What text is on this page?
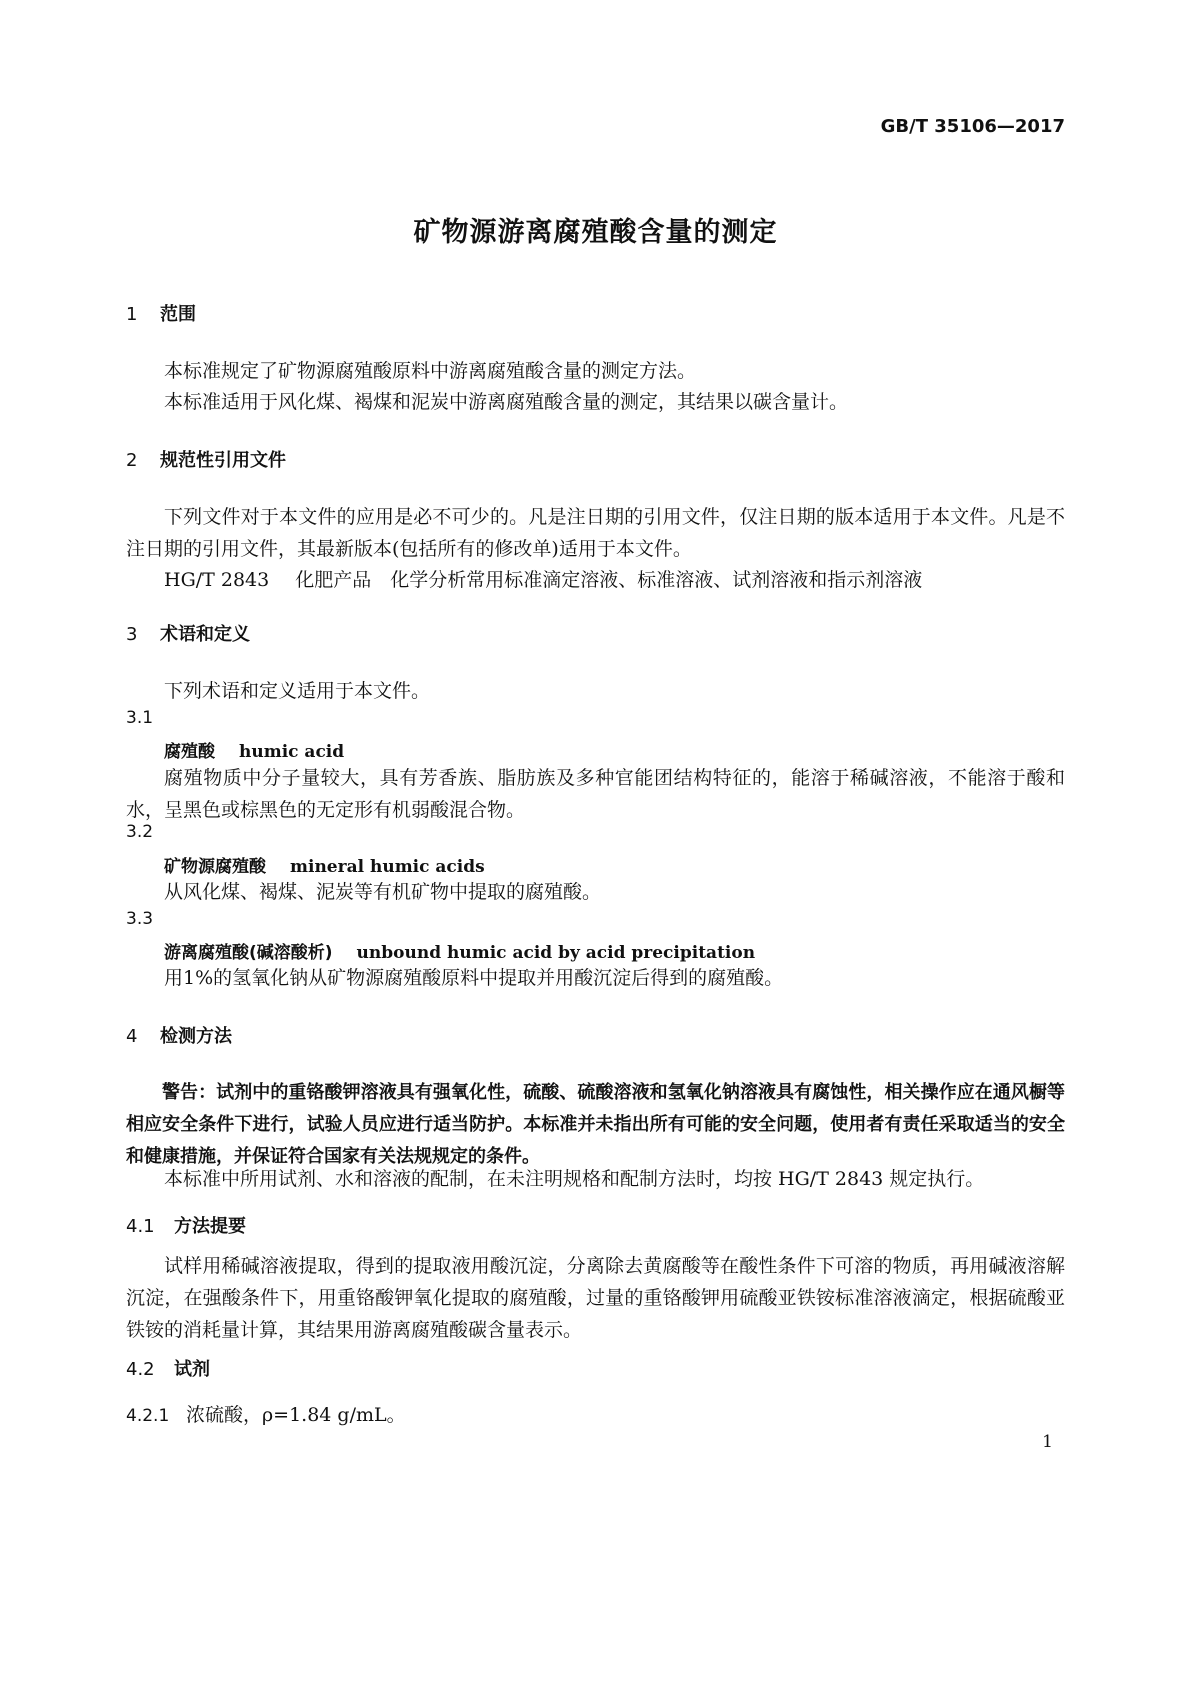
GB/T 35106—2017
矿物源游离腐殖酸含量的测定
1 范围
本标准规定了矿物源腐殖酸原料中游离腐殖酸含量的测定方法。
本标准适用于风化煤、褐煤和泥炭中游离腐殖酸含量的测定，其结果以碳含量计。
2 规范性引用文件
下列文件对于本文件的应用是必不可少的。凡是注日期的引用文件，仅注日期的版本适用于本文件。凡是不注日期的引用文件，其最新版本(包括所有的修改单)适用于本文件。
HG/T 2843 化肥产品　化学分析常用标准滴定溶液、标准溶液、试剂溶液和指示剂溶液
3 术语和定义
下列术语和定义适用于本文件。
3.1
腐殖酸 humic acid
腐殖物质中分子量较大，具有芳香族、脂肪族及多种官能团结构特征的，能溶于稀碱溶液，不能溶于酸和水，呈黑色或棕黑色的无定形有机弱酸混合物。
3.2
矿物源腐殖酸 mineral humic acids
从风化煤、褐煤、泥炭等有机矿物中提取的腐殖酸。
3.3
游离腐殖酸(碱溶酸析) unbound humic acid by acid precipitation
用1%的氢氧化钠从矿物源腐殖酸原料中提取并用酸沉淀后得到的腐殖酸。
4 检测方法
警告：试剂中的重铬酸钾溶液具有强氧化性，硫酸、硫酸溶液和氢氧化钠溶液具有腐蚀性，相关操作应在通风橱等相应安全条件下进行，试验人员应进行适当防护。本标准并未指出所有可能的安全问题，使用者有责任采取适当的安全和健康措施，并保证符合国家有关法规规定的条件。
本标准中所用试剂、水和溶液的配制，在未注明规格和配制方法时，均按 HG/T 2843 规定执行。
4.1 方法提要
试样用稀碱溶液提取，得到的提取液用酸沉淀，分离除去黄腐酸等在酸性条件下可溶的物质，再用碱液溶解沉淀，在强酸条件下，用重铬酸钾氧化提取的腐殖酸，过量的重铬酸钾用硫酸亚铁铵标准溶液滴定，根据硫酸亚铁铵的消耗量计算，其结果用游离腐殖酸碳含量表示。
4.2 试剂
4.2.1 浓硫酸，ρ=1.84 g/mL。
1
